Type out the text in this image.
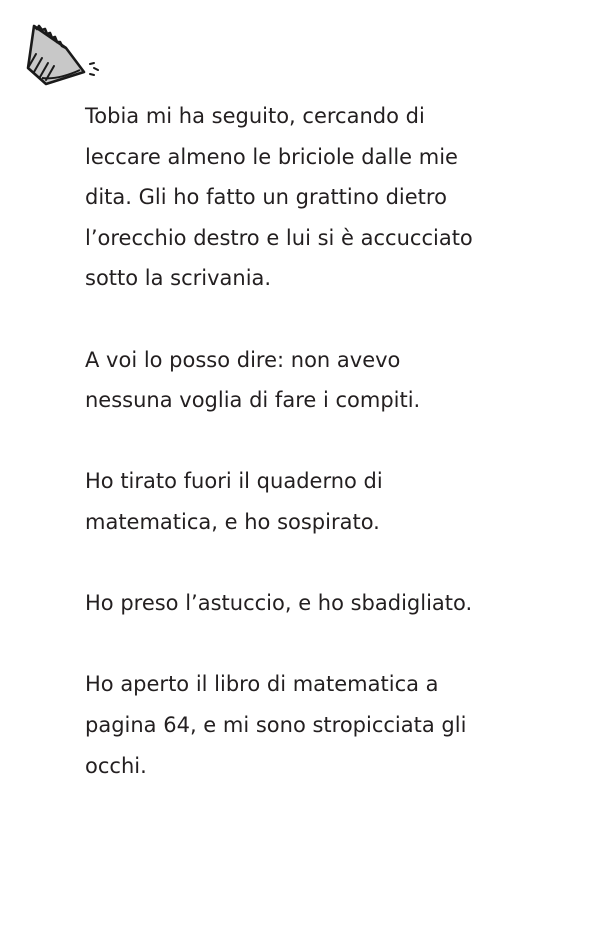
Tobia mi ha seguito, cercando di
leccare almeno le briciole dalle mie
dita. Gli ho fatto un grattino dietro
l’orecchio destro e lui si è accucciato
sotto la scrivania.

A voi lo posso dire: non avevo
nessuna voglia di fare i compiti.

Ho tirato fuori il quaderno di
matematica, e ho sospirato.

Ho preso l’astuccio, e ho sbadigliato.

Ho aperto il libro di matematica a
pagina 64, e mi sono stropicciata gli
occhi.
